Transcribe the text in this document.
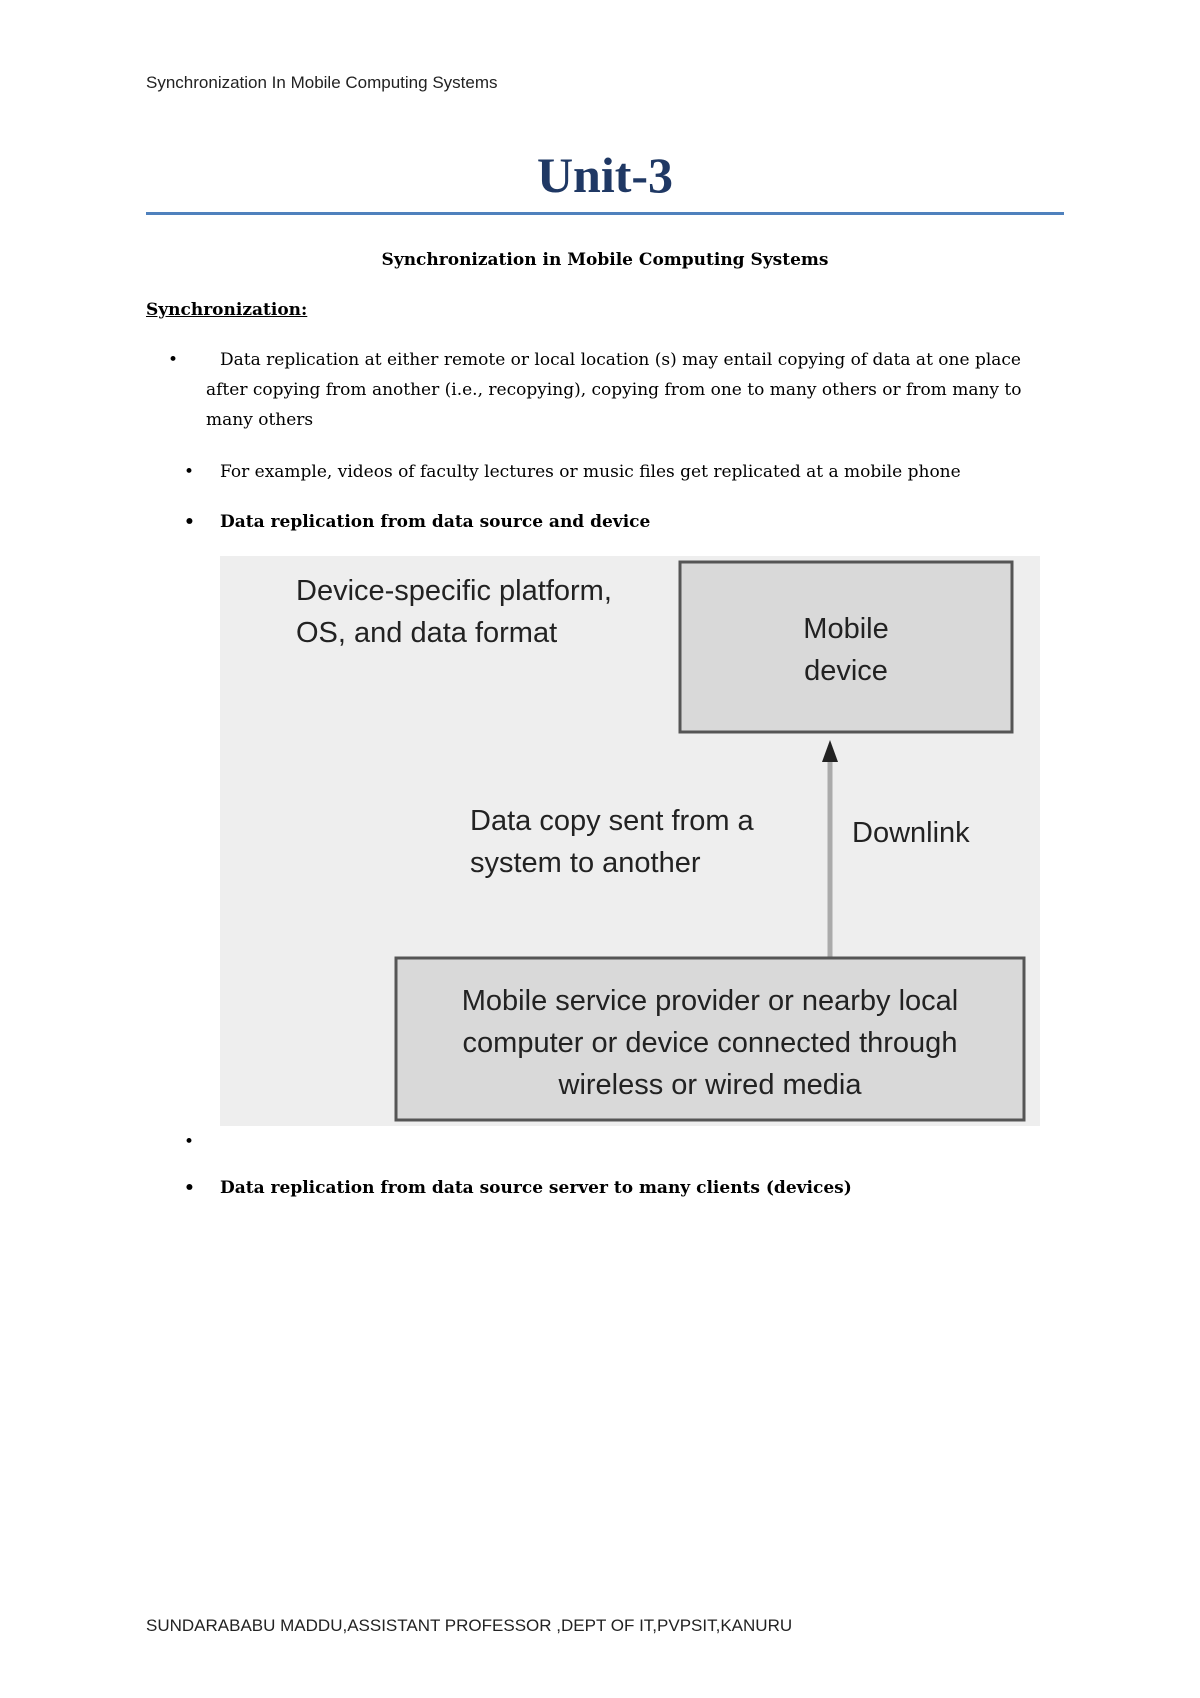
Synchronization In Mobile Computing Systems
Unit-3
Synchronization in Mobile Computing Systems
Synchronization:
•	Data replication at either remote or local location (s) may entail copying of data at one place after copying from another (i.e., recopying), copying from one to many others or from many to many others
•	For example, videos of faculty lectures or music files get replicated at a mobile phone
•	Data replication from data source and device
•
•	Data replication from data source server to many clients (devices)
Device-specific platform,
OS, and data format	Mobile
device
Data copy sent from a
system to another
Downlink
Mobile service provider or nearby local
computer or device connected through
wireless or wired media
SUNDARABABU MADDU,ASSISTANT PROFESSOR ,DEPT OF IT,PVPSIT,KANURU
